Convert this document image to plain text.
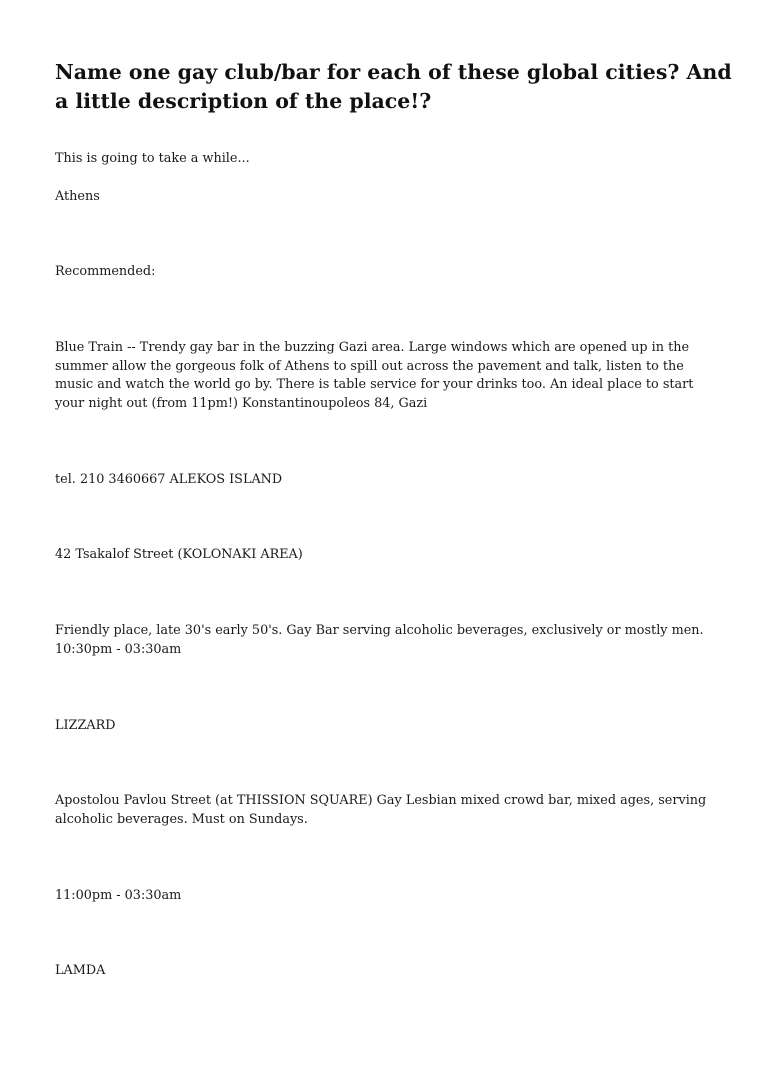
Name one gay club/bar for each of these global cities? And a little description of the place!?

This is going to take a while...

Athens

Recommended:

Blue Train -- Trendy gay bar in the buzzing Gazi area. Large windows which are opened up in the
summer allow the gorgeous folk of Athens to spill out across the pavement and talk, listen to the
music and watch the world go by. There is table service for your drinks too. An ideal place to start
your night out (from 11pm!) Konstantinoupoleos 84, Gazi

tel. 210 3460667 ALEKOS ISLAND

42 Tsakalof Street (KOLONAKI AREA)

Friendly place, late 30's early 50's. Gay Bar serving alcoholic beverages, exclusively or mostly men.
10:30pm - 03:30am

LIZZARD

Apostolou Pavlou Street (at THISSION SQUARE) Gay Lesbian mixed crowd bar, mixed ages, serving
alcoholic beverages. Must on Sundays.

11:00pm - 03:30am

LAMDA
